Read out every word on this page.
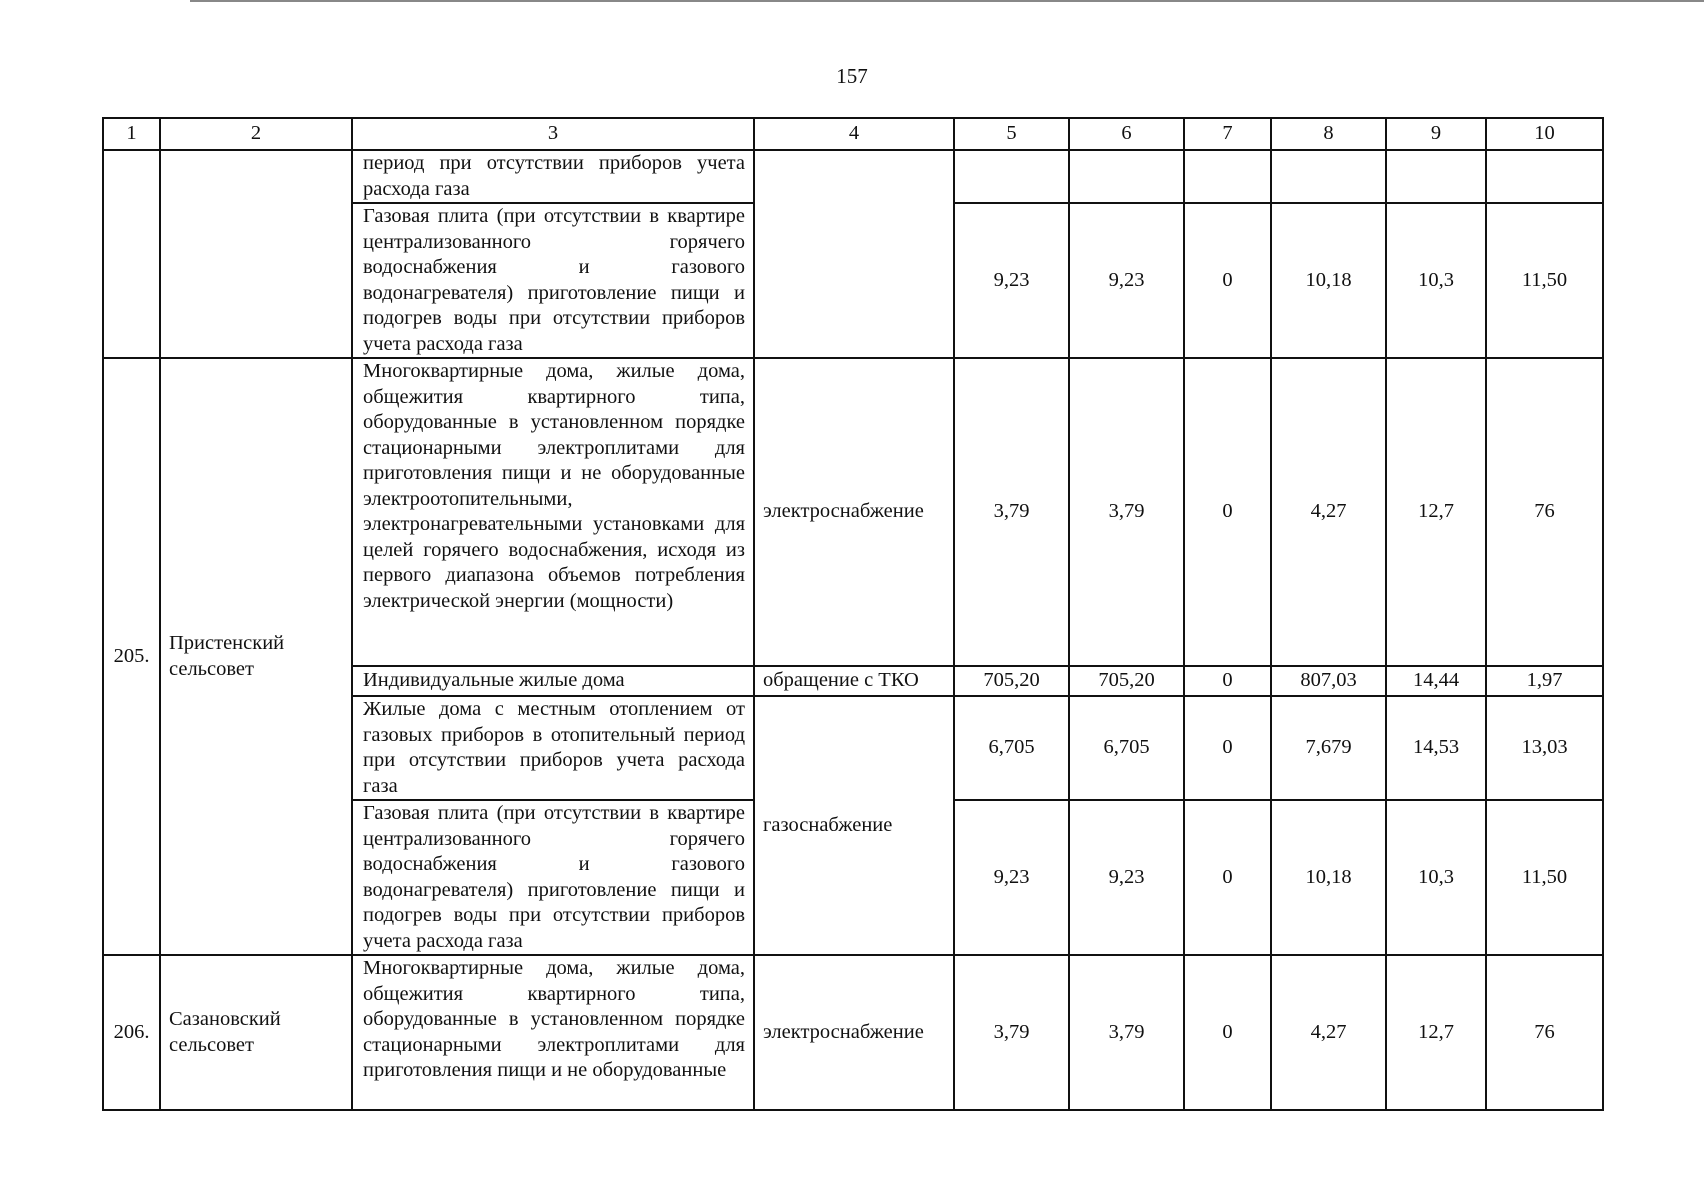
157
1	2	3	4	5	6	7	8	9	10
		период при отсутствии приборов учета расхода газа							
		Газовая плита (при отсутствии в квартире централизованного горячего водоснабжения и газового водонагревателя) приготовление пищи и подогрев воды при отсутствии приборов учета расхода газа		9,23	9,23	0	10,18	10,3	11,50
205.	Пристенский сельсовет	Многоквартирные дома, жилые дома, общежития квартирного типа, оборудованные в установленном порядке стационарными электроплитами для приготовления пищи и не оборудованные электроотопительными, электронагревательными установками для целей горячего водоснабжения, исходя из первого диапазона объемов потребления электрической энергии (мощности)	электроснабжение	3,79	3,79	0	4,27	12,7	76
		Индивидуальные жилые дома	обращение с ТКО	705,20	705,20	0	807,03	14,44	1,97
		Жилые дома с местным отоплением от газовых приборов в отопительный период при отсутствии приборов учета расхода газа	газоснабжение	6,705	6,705	0	7,679	14,53	13,03
		Газовая плита (при отсутствии в квартире централизованного горячего водоснабжения и газового водонагревателя) приготовление пищи и подогрев воды при отсутствии приборов учета расхода газа		9,23	9,23	0	10,18	10,3	11,50
206.	Сазановский сельсовет	Многоквартирные дома, жилые дома, общежития квартирного типа, оборудованные в установленном порядке стационарными электроплитами для приготовления пищи и не оборудованные	электроснабжение	3,79	3,79	0	4,27	12,7	76
